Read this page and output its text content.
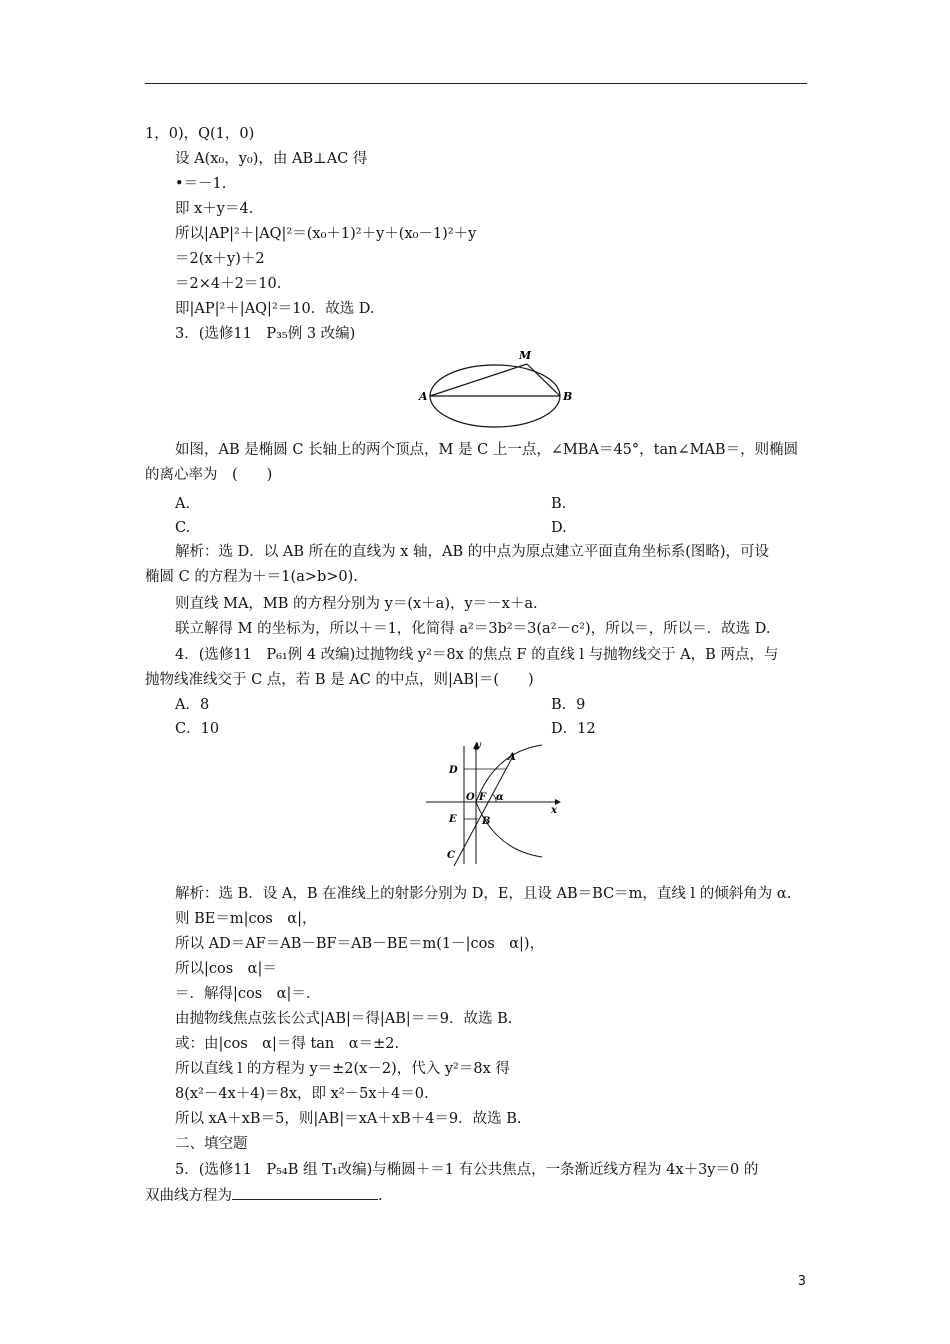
1，0)，Q(1，0)
设 A(x₀，y₀)，由 AB⊥AC 得
•＝－1.
即 x＋y＝4.
所以|AP|²＋|AQ|²＝(x₀＋1)²＋y＋(x₀－1)²＋y
＝2(x＋y)＋2
＝2×4＋2＝10.
即|AP|²＋|AQ|²＝10．故选 D.
3．(选修11　P₃₅例 3 改编)
A	B
M
如图，AB 是椭圆 C 长轴上的两个顶点，M 是 C 上一点，∠MBA＝45°，tan∠MAB＝，则椭圆
的离心率为　(　　)
A.	B.
C.	D.
解析：选 D．以 AB 所在的直线为 x 轴，AB 的中点为原点建立平面直角坐标系(图略)，可设
椭圆 C 的方程为＋＝1(a>b>0).
则直线 MA，MB 的方程分别为 y＝(x＋a)，y＝－x＋a.
联立解得 M 的坐标为，所以＋＝1，化简得 a²＝3b²＝3(a²－c²)，所以＝，所以＝．故选 D.
4．(选修11　P₆₁例 4 改编)过抛物线 y²＝8x 的焦点 F 的直线 l 与抛物线交于 A，B 两点，与
抛物线准线交于 C 点，若 B 是 AC 的中点，则|AB|＝(　　)
A．8	B．9
C．10	D．12
y
x
A
B
C
D
E
O F α
解析：选 B．设 A，B 在准线上的射影分别为 D，E，且设 AB＝BC＝m，直线 l 的倾斜角为 α.
则 BE＝m|cos　α|，
所以 AD＝AF＝AB－BF＝AB－BE＝m(1－|cos　α|)，
所以|cos　α|＝
＝．解得|cos　α|＝.
由抛物线焦点弦长公式|AB|＝得|AB|＝＝9．故选 B.
或：由|cos　α|＝得 tan　α＝±2.
所以直线 l 的方程为 y＝±2(x－2)，代入 y²＝8x 得
8(x²－4x＋4)＝8x，即 x²－5x＋4＝0.
所以 xA＋xB＝5，则|AB|＝xA＋xB＋4＝9．故选 B.
二、填空题
5．(选修11　P₅₄B 组 T₁改编)与椭圆＋＝1 有公共焦点，一条渐近线方程为 4x＋3y＝0 的
双曲线方程为	.
3
